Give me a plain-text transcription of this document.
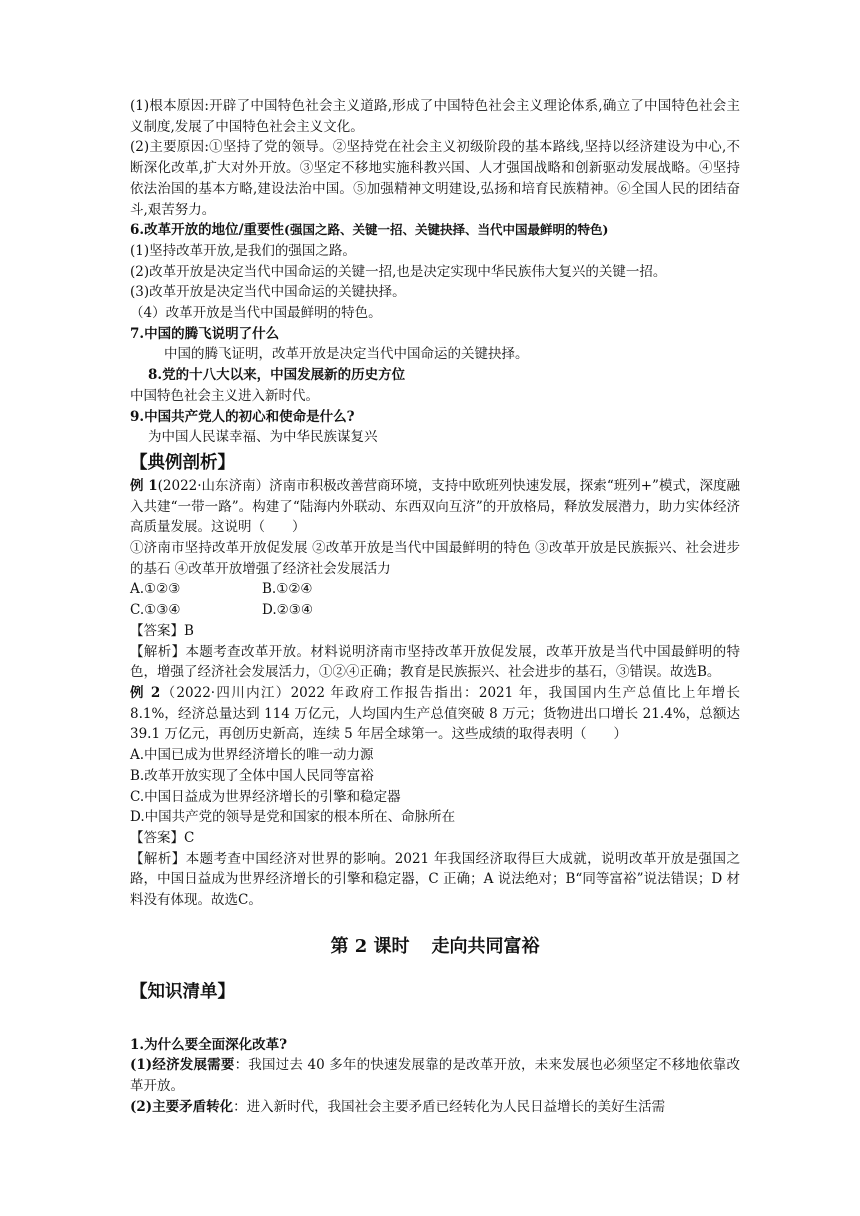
(1)根本原因:开辟了中国特色社会主义道路,形成了中国特色社会主义理论体系,确立了中国特色社会主义制度,发展了中国特色社会主义文化。

(2)主要原因:①坚持了党的领导。②坚持党在社会主义初级阶段的基本路线,坚持以经济建设为中心,不断深化改革,扩大对外开放。③坚定不移地实施科教兴国、人才强国战略和创新驱动发展战略。④坚持依法治国的基本方略,建设法治中国。⑤加强精神文明建设,弘扬和培育民族精神。⑥全国人民的团结奋斗,艰苦努力。

6.改革开放的地位/重要性(强国之路、关键一招、关键抉择、当代中国最鲜明的特色)

(1)坚持改革开放,是我们的强国之路。

(2)改革开放是决定当代中国命运的关键一招,也是决定实现中华民族伟大复兴的关键一招。

(3)改革开放是决定当代中国命运的关键抉择。

（4）改革开放是当代中国最鲜明的特色。

7.中国的腾飞说明了什么

中国的腾飞证明，改革开放是决定当代中国命运的关键抉择。

8.党的十八大以来，中国发展新的历史方位

中国特色社会主义进入新时代。

9.中国共产党人的初心和使命是什么?

为中国人民谋幸福、为中华民族谋复兴

【典例剖析】

例 1(2022·山东济南）济南市积极改善营商环境，支持中欧班列快速发展，探索“班列+”模式，深度融入共建“一带一路”。构建了“陆海内外联动、东西双向互济”的开放格局，释放发展潜力，助力实体经济高质量发展。这说明（　　）

①济南市坚持改革开放促发展 ②改革开放是当代中国最鲜明的特色 ③改革开放是民族振兴、社会进步的基石 ④改革开放增强了经济社会发展活力

A.①②③	B.①②④
C.①③④	D.②③④

【答案】B

【解析】本题考查改革开放。材料说明济南市坚持改革开放促发展，改革开放是当代中国最鲜明的特色，增强了经济社会发展活力，①②④正确；教育是民族振兴、社会进步的基石，③错误。故选B。

例 2（2022·四川内江）2022 年政府工作报告指出：2021 年，我国国内生产总值比上年增长 8.1%，经济总量达到 114 万亿元，人均国内生产总值突破 8 万元；货物进出口增长 21.4%，总额达 39.1 万亿元，再创历史新高，连续 5 年居全球第一。这些成绩的取得表明（　　）

A.中国已成为世界经济增长的唯一动力源

B.改革开放实现了全体中国人民同等富裕

C.中国日益成为世界经济增长的引擎和稳定器

D.中国共产党的领导是党和国家的根本所在、命脉所在

【答案】C

【解析】本题考查中国经济对世界的影响。2021 年我国经济取得巨大成就，说明改革开放是强国之路，中国日益成为世界经济增长的引擎和稳定器，C 正确；A 说法绝对；B“同等富裕”说法错误；D 材料没有体现。故选C。

第 2 课时 走向共同富裕

【知识清单】

1.为什么要全面深化改革?

(1)经济发展需要：我国过去 40 多年的快速发展靠的是改革开放，未来发展也必须坚定不移地依靠改革开放。

(2)主要矛盾转化：进入新时代，我国社会主要矛盾已经转化为人民日益增长的美好生活需
